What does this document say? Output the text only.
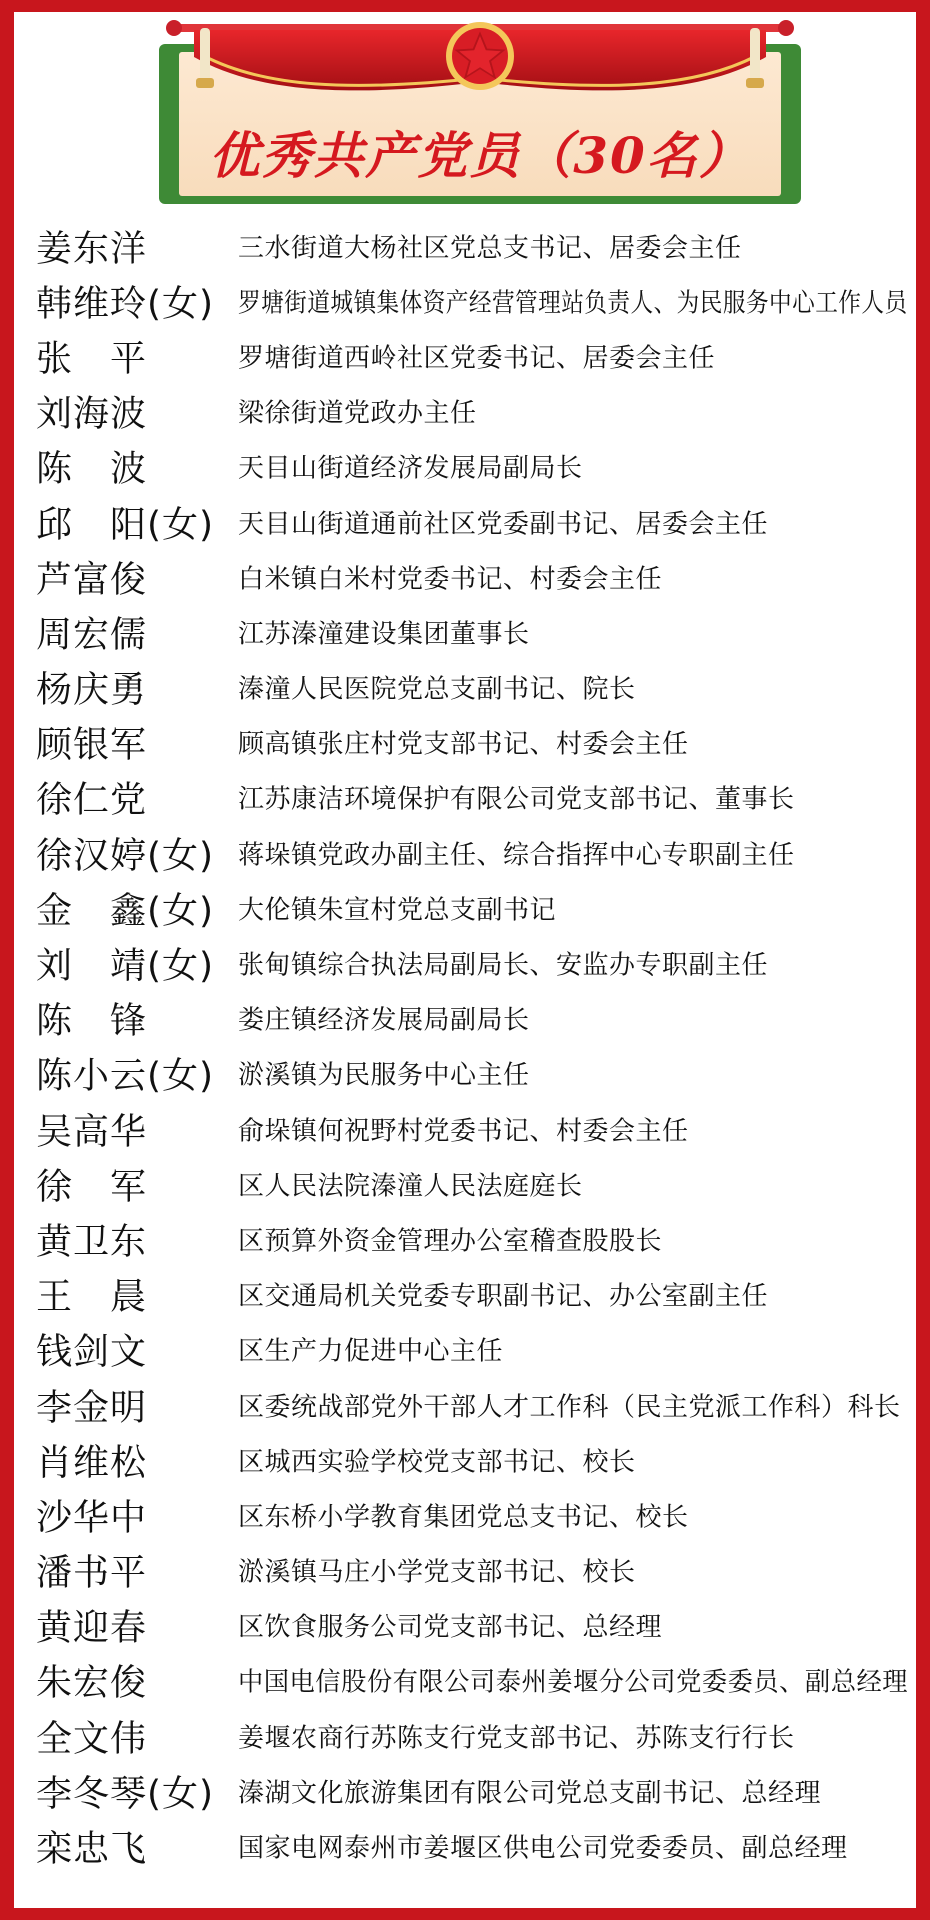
优秀共产党员（30名）
姜东洋	三水街道大杨社区党总支书记、居委会主任
韩维玲(女) 罗塘街道城镇集体资产经营管理站负责人、为民服务中心工作人员
张　平	罗塘街道西岭社区党委书记、居委会主任
刘海波	梁徐街道党政办主任
陈　波	天目山街道经济发展局副局长
邱　阳(女) 天目山街道通前社区党委副书记、居委会主任
芦富俊	白米镇白米村党委书记、村委会主任
周宏儒	江苏溱潼建设集团董事长
杨庆勇	溱潼人民医院党总支副书记、院长
顾银军	顾高镇张庄村党支部书记、村委会主任
徐仁党	江苏康洁环境保护有限公司党支部书记、董事长
徐汉婷(女) 蒋垛镇党政办副主任、综合指挥中心专职副主任
金　鑫(女) 大伦镇朱宣村党总支副书记
刘　靖(女) 张甸镇综合执法局副局长、安监办专职副主任
陈　锋	娄庄镇经济发展局副局长
陈小云(女) 淤溪镇为民服务中心主任
吴高华	俞垛镇何祝野村党委书记、村委会主任
徐　军	区人民法院溱潼人民法庭庭长
黄卫东	区预算外资金管理办公室稽查股股长
王　晨	区交通局机关党委专职副书记、办公室副主任
钱剑文	区生产力促进中心主任
李金明	区委统战部党外干部人才工作科（民主党派工作科）科长
肖维松	区城西实验学校党支部书记、校长
沙华中	区东桥小学教育集团党总支书记、校长
潘书平	淤溪镇马庄小学党支部书记、校长
黄迎春	区饮食服务公司党支部书记、总经理
朱宏俊	中国电信股份有限公司泰州姜堰分公司党委委员、副总经理
全文伟	姜堰农商行苏陈支行党支部书记、苏陈支行行长
李冬琴(女) 溱湖文化旅游集团有限公司党总支副书记、总经理
栾忠飞	国家电网泰州市姜堰区供电公司党委委员、副总经理
